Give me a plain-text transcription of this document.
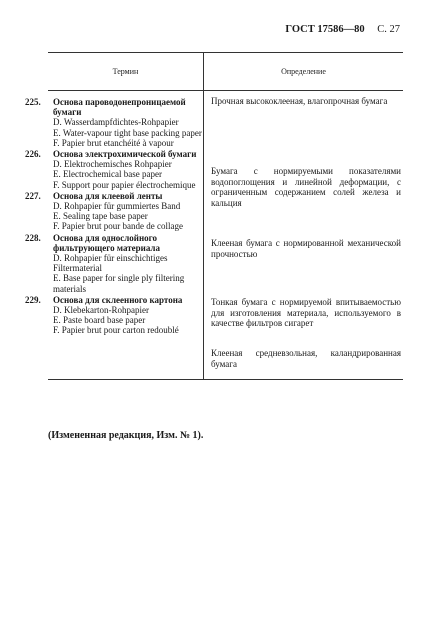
ГОСТ 17586—80 С. 27
Термин	Определение
225. Основа пароводонепроницаемой бумаги
D. Wasserdampfdichtes-Rohpapier
E. Water-vapour tight base packing paper
F. Papier brut etanchéité à vapour
226. Основа электрохимической бумаги
D. Elektrochemisches Rohpapier
E. Electrochemical base paper
F. Support pour papier électrochemique
227. Основа для клеевой ленты
D. Rohpapier für gummiertes Band
E. Sealing tape base paper
F. Papier brut pour bande de collage
228. Основа для однослойного фильтрующего материала
D. Rohpapier für einschichtiges Filtermaterial
E. Base paper for single ply filtering materials
229. Основа для склеенного картона
D. Klebekarton-Rohpapier
E. Paste board base paper
F. Papier brut pour carton redoublé
(Измененная редакция, Изм. № 1).
Прочная высококлееная, влагопрочная бумага
Бумага с нормируемыми показателями водопоглощения и линейной деформации, с ограниченным содержанием солей железа и кальция
Клееная бумага с нормированной механической прочностью
Тонкая бумага с нормируемой впитываемостью для изготовления материала, используемого в качестве фильтров сигарет
Клееная средневзольная, каландрированная бумага
